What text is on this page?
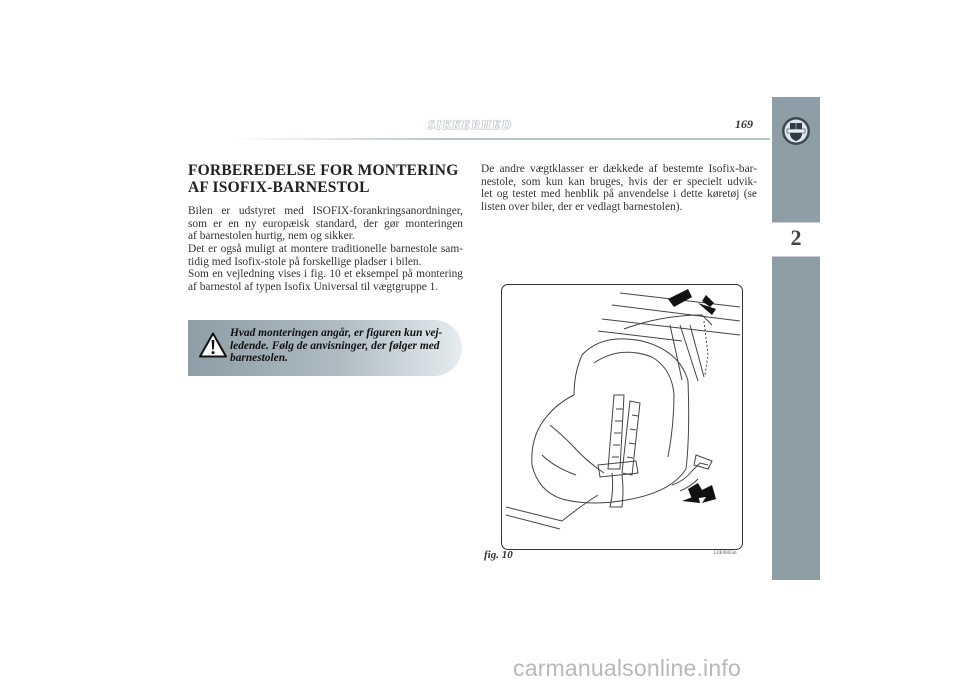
SIKKERHED	169
2
FORBEREDELSE FOR MONTERING
AF ISOFIX-BARNESTOL

Bilen er udstyret med ISOFIX-forankringsanordninger,
som er en ny europæisk standard, der gør monteringen
af barnestolen hurtig, nem og sikker.

Det er også muligt at montere traditionelle barnestole sam-
tidig med Isofix-stole på forskellige pladser i bilen.

Som en vejledning vises i fig. 10 et eksempel på montering
af barnestol af typen Isofix Universal til vægtgruppe 1.

De andre vægtklasser er dækkede af bestemte Isofix-bar-
nestole, som kun kan bruges, hvis der er specielt udvik-
let og testet med henblik på anvendelse i dette køretøj (se
listen over biler, der er vedlagt barnestolen).

Hvad monteringen angår, er figuren kun vej-
ledende. Følg de anvisninger, der følger med
barnestolen.

fig. 10	L0E0065m
carmanualsonline.info
